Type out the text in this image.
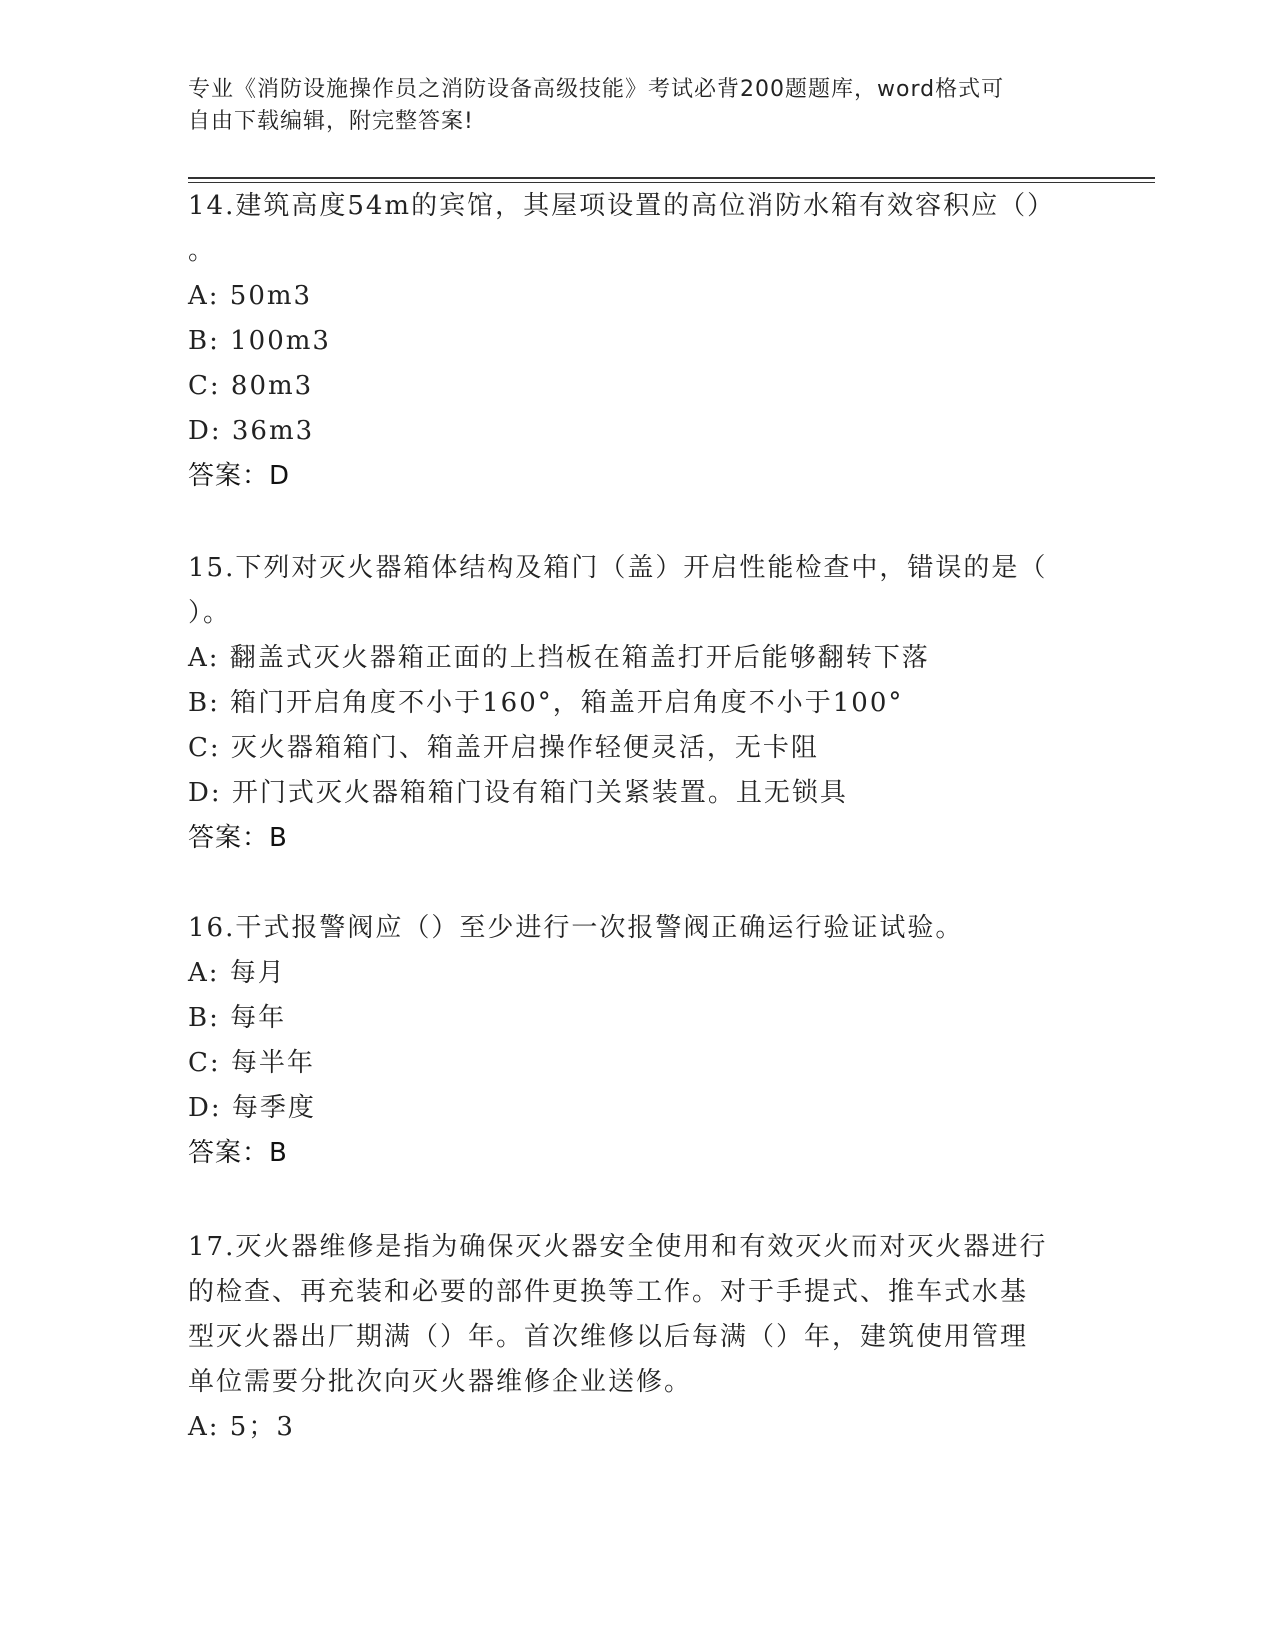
专业《消防设施操作员之消防设备高级技能》考试必背200题题库，word格式可
自由下载编辑，附完整答案!

14.建筑高度54m的宾馆，其屋项设置的高位消防水箱有效容积应（）

。

A: 50m3

B: 100m3

C: 80m3

D: 36m3

答案：D

15.下列对灭火器箱体结构及箱门（盖）开启性能检查中，错误的是（

）。

A: 翻盖式灭火器箱正面的上挡板在箱盖打开后能够翻转下落

B: 箱门开启角度不小于160°，箱盖开启角度不小于100°

C: 灭火器箱箱门、箱盖开启操作轻便灵活，无卡阻

D: 开门式灭火器箱箱门设有箱门关紧装置。且无锁具

答案：B

16.干式报警阀应（）至少进行一次报警阀正确运行验证试验。

A: 每月

B: 每年

C: 每半年

D: 每季度

答案：B

17.灭火器维修是指为确保灭火器安全使用和有效灭火而对灭火器进行

的检查、再充装和必要的部件更换等工作。对于手提式、推车式水基

型灭火器出厂期满（）年。首次维修以后每满（）年，建筑使用管理

单位需要分批次向灭火器维修企业送修。

A: 5；3
